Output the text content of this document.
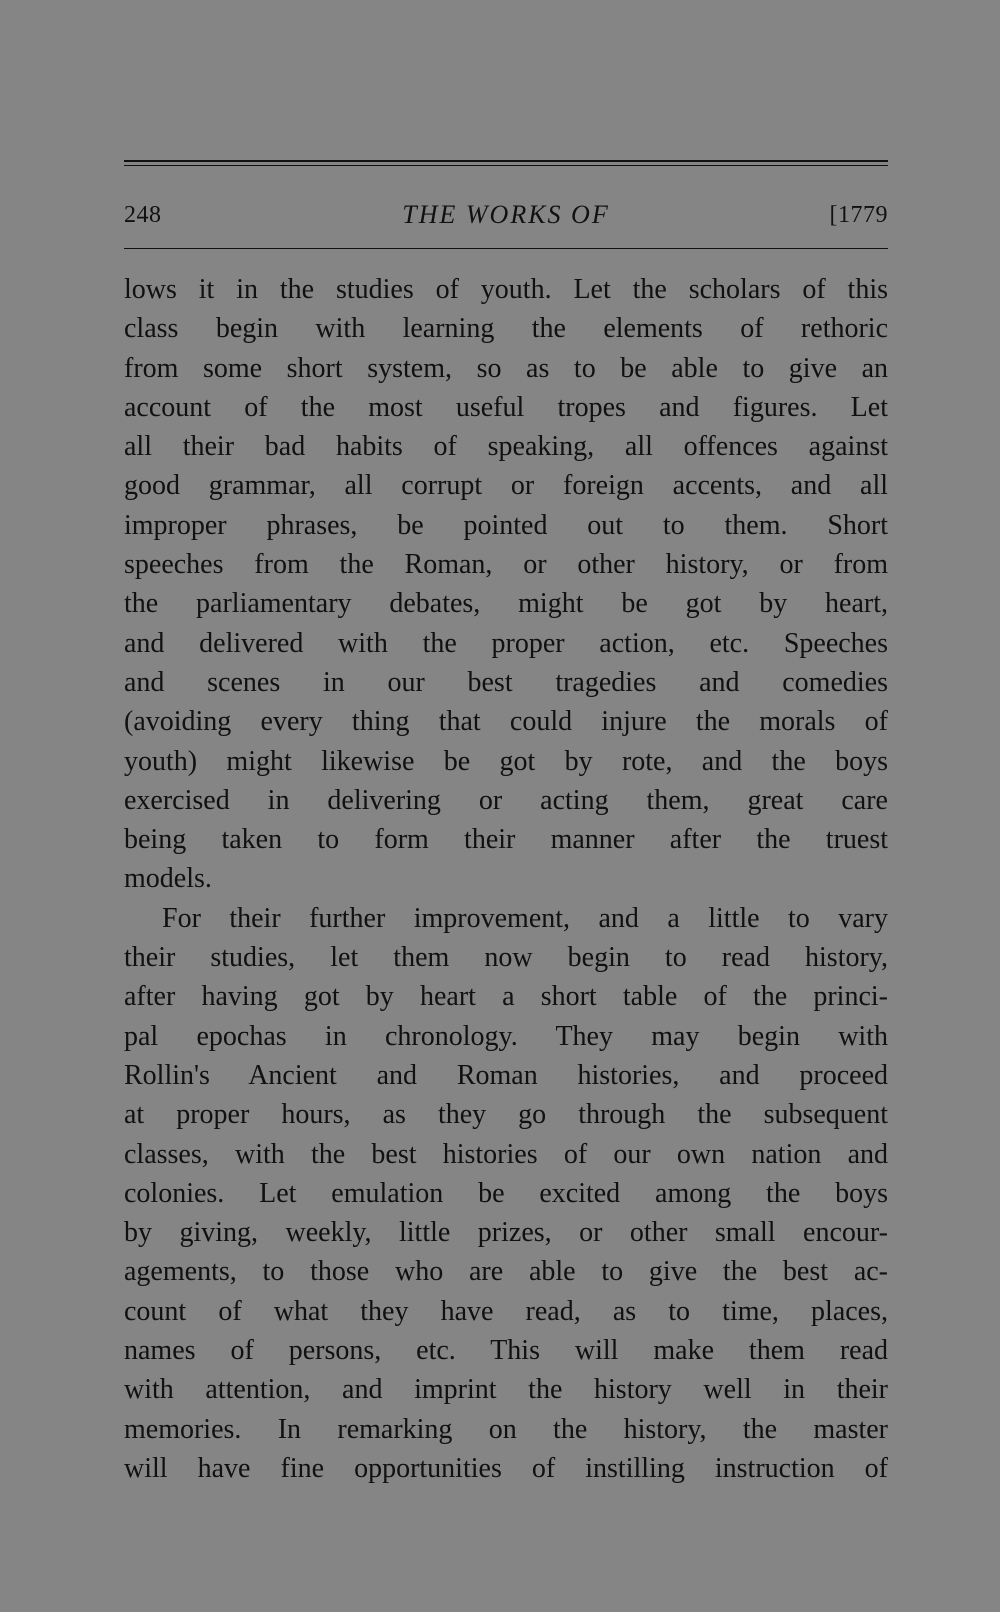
248	THE WORKS OF	[1779
lows it in the studies of youth. Let the scholars of this
class begin with learning the elements of rethoric
from some short system, so as to be able to give an
account of the most useful tropes and figures. Let
all their bad habits of speaking, all offences against
good grammar, all corrupt or foreign accents, and all
improper phrases, be pointed out to them. Short
speeches from the Roman, or other history, or from
the parliamentary debates, might be got by heart,
and delivered with the proper action, etc. Speeches
and scenes in our best tragedies and comedies
(avoiding every thing that could injure the morals of
youth) might likewise be got by rote, and the boys
exercised in delivering or acting them, great care
being taken to form their manner after the truest
models.
For their further improvement, and a little to vary
their studies, let them now begin to read history,
after having got by heart a short table of the princi-
pal epochas in chronology. They may begin with
Rollin's Ancient and Roman histories, and proceed
at proper hours, as they go through the subsequent
classes, with the best histories of our own nation and
colonies. Let emulation be excited among the boys
by giving, weekly, little prizes, or other small encour-
agements, to those who are able to give the best ac-
count of what they have read, as to time, places,
names of persons, etc. This will make them read
with attention, and imprint the history well in their
memories. In remarking on the history, the master
will have fine opportunities of instilling instruction of
